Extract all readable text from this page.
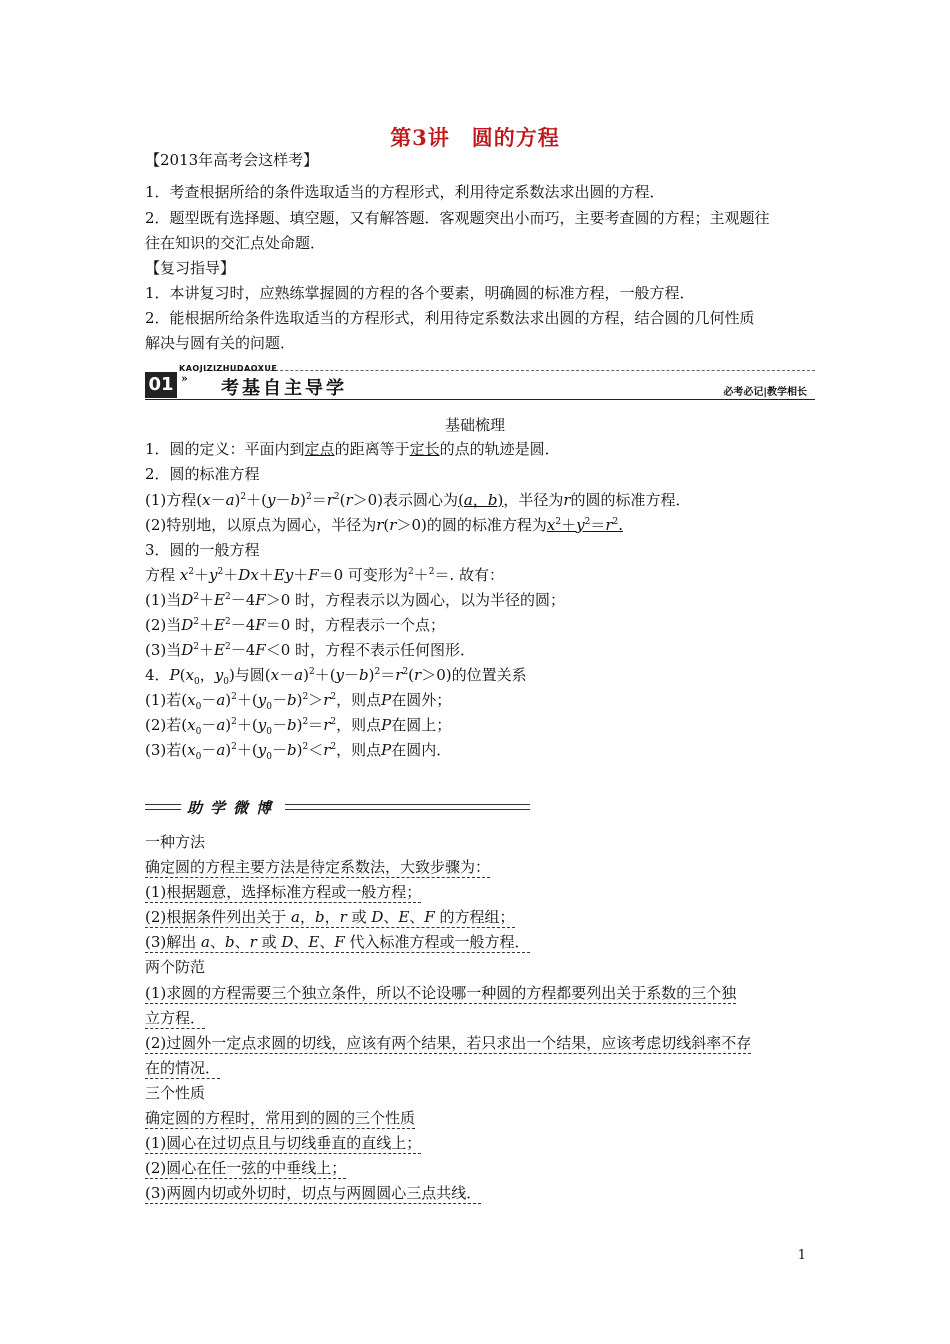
第3讲　圆的方程
【2013年高考会这样考】
1．考查根据所给的条件选取适当的方程形式，利用待定系数法求出圆的方程．
2．题型既有选择题、填空题，又有解答题．客观题突出小而巧，主要考查圆的方程；主观题往
往在知识的交汇点处命题．
【复习指导】
1．本讲复习时，应熟练掌握圆的方程的各个要素，明确圆的标准方程，一般方程．
2．能根据所给条件选取适当的方程形式，利用待定系数法求出圆的方程，结合圆的几何性质
解决与圆有关的问题．
KAOJIZIZHUDAOXUE
01 » 考基自主导学	必考必记|教学相长
基础梳理
1．圆的定义：平面内到定点的距离等于定长的点的轨迹是圆．
2．圆的标准方程
(1)方程$(x-a)^2+(y-b)^2=r^2(r>0)$表示圆心为(a，b)，半径为r的圆的标准方程．
(2)特别地，以原点为圆心，半径为r(r＞0)的圆的标准方程为$x^2+y^2=r^2$.
3．圆的一般方程
方程 $x^2+y^2+Dx+Ey+F=0$ 可变形为$^2$＋$^2$＝. 故有：
(1)当$D^2+E^2-4F>0$ 时，方程表示以为圆心，以为半径的圆；
(2)当$D^2+E^2-4F=0$ 时，方程表示一个点；
(3)当$D^2+E^2-4F<0$ 时，方程不表示任何图形．
4．$P(x_0$，$y_0$)与圆$(x-a)^2+(y-b)^2=r^2(r>0)$的位置关系
(1)若$(x_0-a)^2+(y_0-b)^2>r^2$，则点P在圆外；
(2)若$(x_0-a)^2+(y_0-b)^2=r^2$，则点P在圆上；
(3)若$(x_0-a)^2+(y_0-b)^2<r^2$，则点P在圆内．
助学微博
一种方法
确定圆的方程主要方法是待定系数法，大致步骤为：
(1)根据题意，选择标准方程或一般方程；
(2)根据条件列出关于 a，b，r 或 D、E、F 的方程组；
(3)解出 a、b、r 或 D、E、F 代入标准方程或一般方程．
两个防范
(1)求圆的方程需要三个独立条件，所以不论设哪一种圆的方程都要列出关于系数的三个独
立方程．
(2)过圆外一定点求圆的切线，应该有两个结果，若只求出一个结果，应该考虑切线斜率不存
在的情况．
三个性质
确定圆的方程时，常用到的圆的三个性质
(1)圆心在过切点且与切线垂直的直线上；
(2)圆心在任一弦的中垂线上；
(3)两圆内切或外切时，切点与两圆圆心三点共线．
1
